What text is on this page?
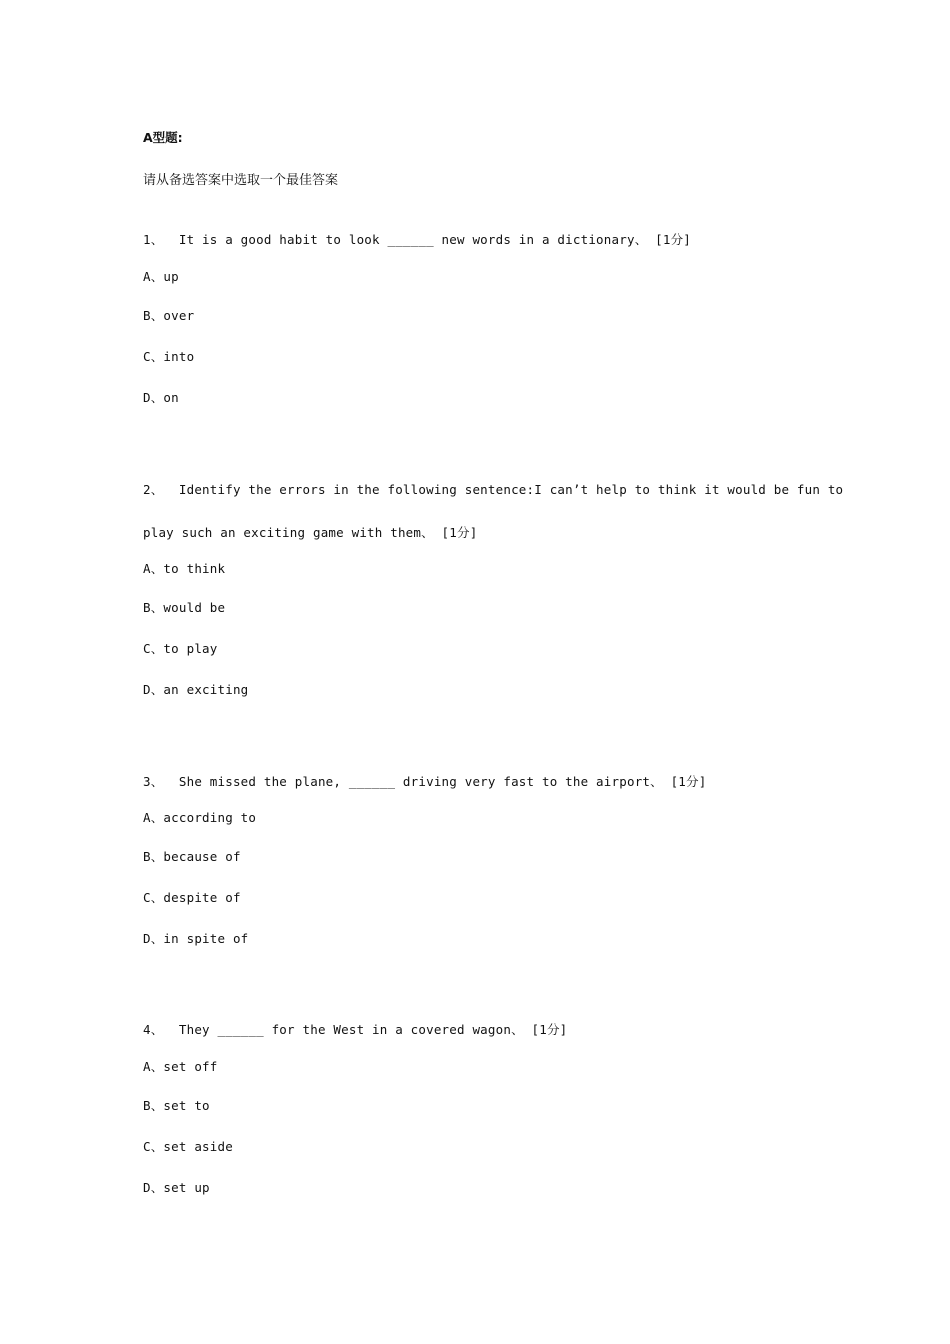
A型题:
请从备选答案中选取一个最佳答案
1、  It is a good habit to look ______ new words in a dictionary、 [1分]
A、up
B、over
C、into
D、on
2、  Identify the errors in the following sentence:I can’t help to think it would be fun to
play such an exciting game with them、 [1分]
A、to think
B、would be
C、to play
D、an exciting
3、  She missed the plane, ______ driving very fast to the airport、 [1分]
A、according to
B、because of
C、despite of
D、in spite of
4、  They ______ for the West in a covered wagon、 [1分]
A、set off
B、set to
C、set aside
D、set up
